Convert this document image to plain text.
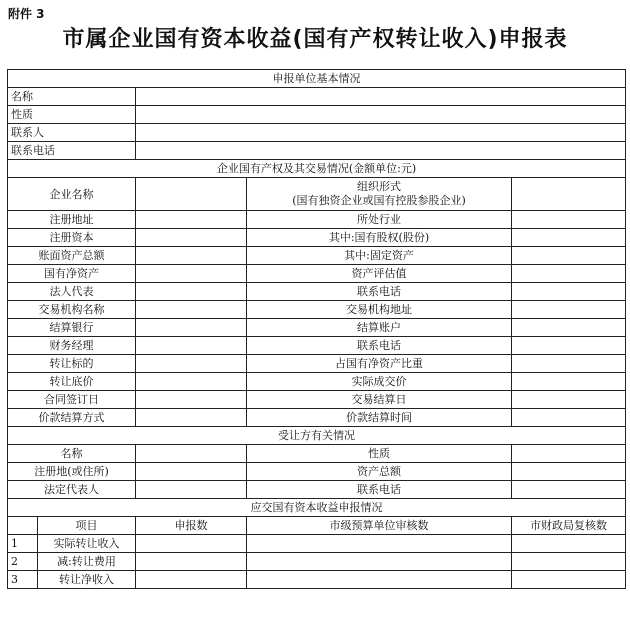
附件 3
市属企业国有资本收益(国有产权转让收入)申报表
申报单位基本情况				
名称				
性质				
联系人				
联系电话				
企业国有产权及其交易情况(金额单位:元)				
企业名称			组织形式
(国有独资企业或国有控股参股企业)	

注册地址			所处行业	
注册资本			其中:国有股权(股份)	
账面资产总额			其中:固定资产	
国有净资产			资产评估值	
法人代表			联系电话	
交易机构名称			交易机构地址	
结算银行			结算账户	
财务经理			联系电话	
转让标的			占国有净资产比重	
转让底价			实际成交价	
合同签订日			交易结算日	
价款结算方式			价款结算时间	
受让方有关情况				
名称			性质	
注册地(或住所)			资产总额	
法定代表人			联系电话	
应交国有资本收益申报情况				
	项目	申报数	市级预算单位审核数	市财政局复核数
1	实际转让收入			
2	减:转让费用			
3	转让净收入			
